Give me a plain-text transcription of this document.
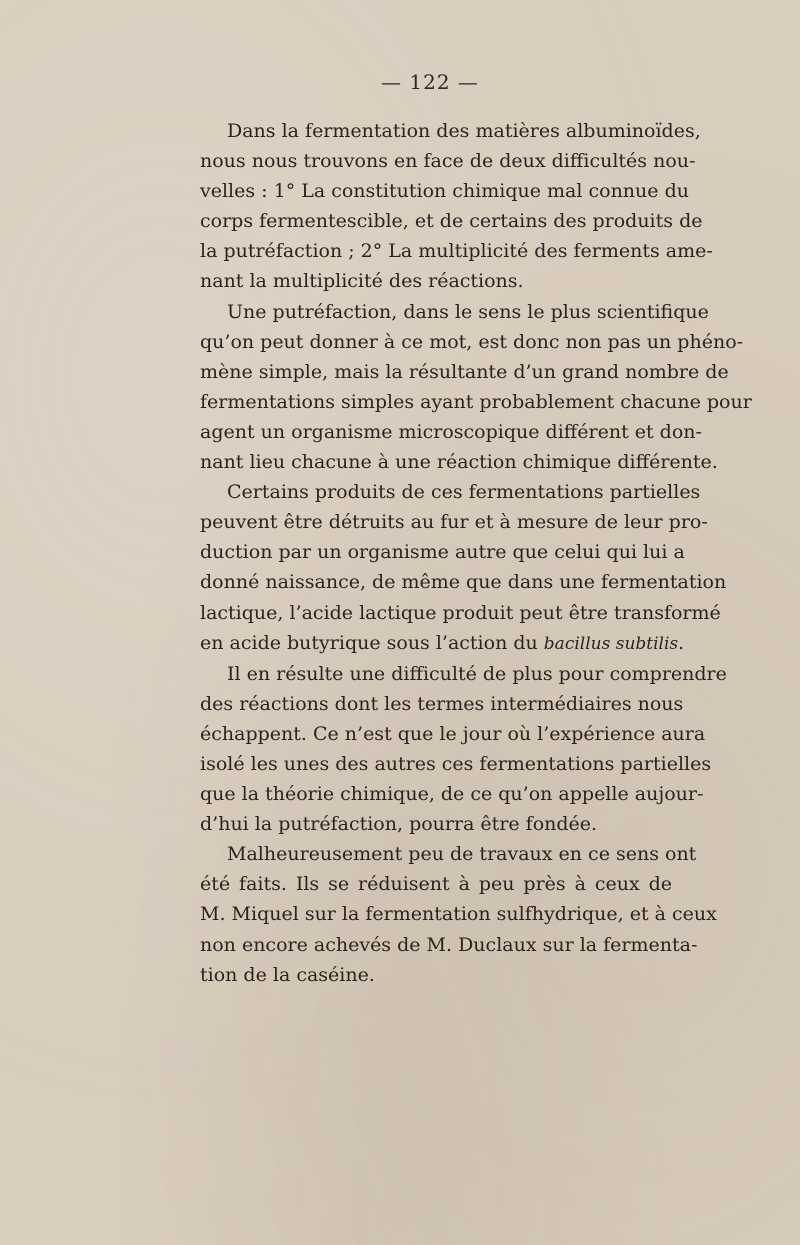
— 122 —

Dans la fermentation des matières albuminoïdes,
nous nous trouvons en face de deux difficultés nou-
velles : 1° La constitution chimique mal connue du
corps fermentescible, et de certains des produits de
la putréfaction ; 2° La multiplicité des ferments ame-
nant la multiplicité des réactions.

Une putréfaction, dans le sens le plus scientifique
qu’on peut donner à ce mot, est donc non pas un phéno-
mène simple, mais la résultante d’un grand nombre de
fermentations simples ayant probablement chacune pour
agent un organisme microscopique différent et don-
nant lieu chacune à une réaction chimique différente.

Certains produits de ces fermentations partielles
peuvent être détruits au fur et à mesure de leur pro-
duction par un organisme autre que celui qui lui a
donné naissance, de même que dans une fermentation
lactique, l’acide lactique produit peut être transformé
en acide butyrique sous l’action du bacillus subtilis.

Il en résulte une difficulté de plus pour comprendre
des réactions dont les termes intermédiaires nous
échappent. Ce n’est que le jour où l’expérience aura
isolé les unes des autres ces fermentations partielles
que la théorie chimique, de ce qu’on appelle aujour-
d’hui la putréfaction, pourra être fondée.

Malheureusement peu de travaux en ce sens ont
été faits. Ils se réduisent à peu près à ceux de
M. Miquel sur la fermentation sulfhydrique, et à ceux
non encore achevés de M. Duclaux sur la fermenta-
tion de la caséine.
